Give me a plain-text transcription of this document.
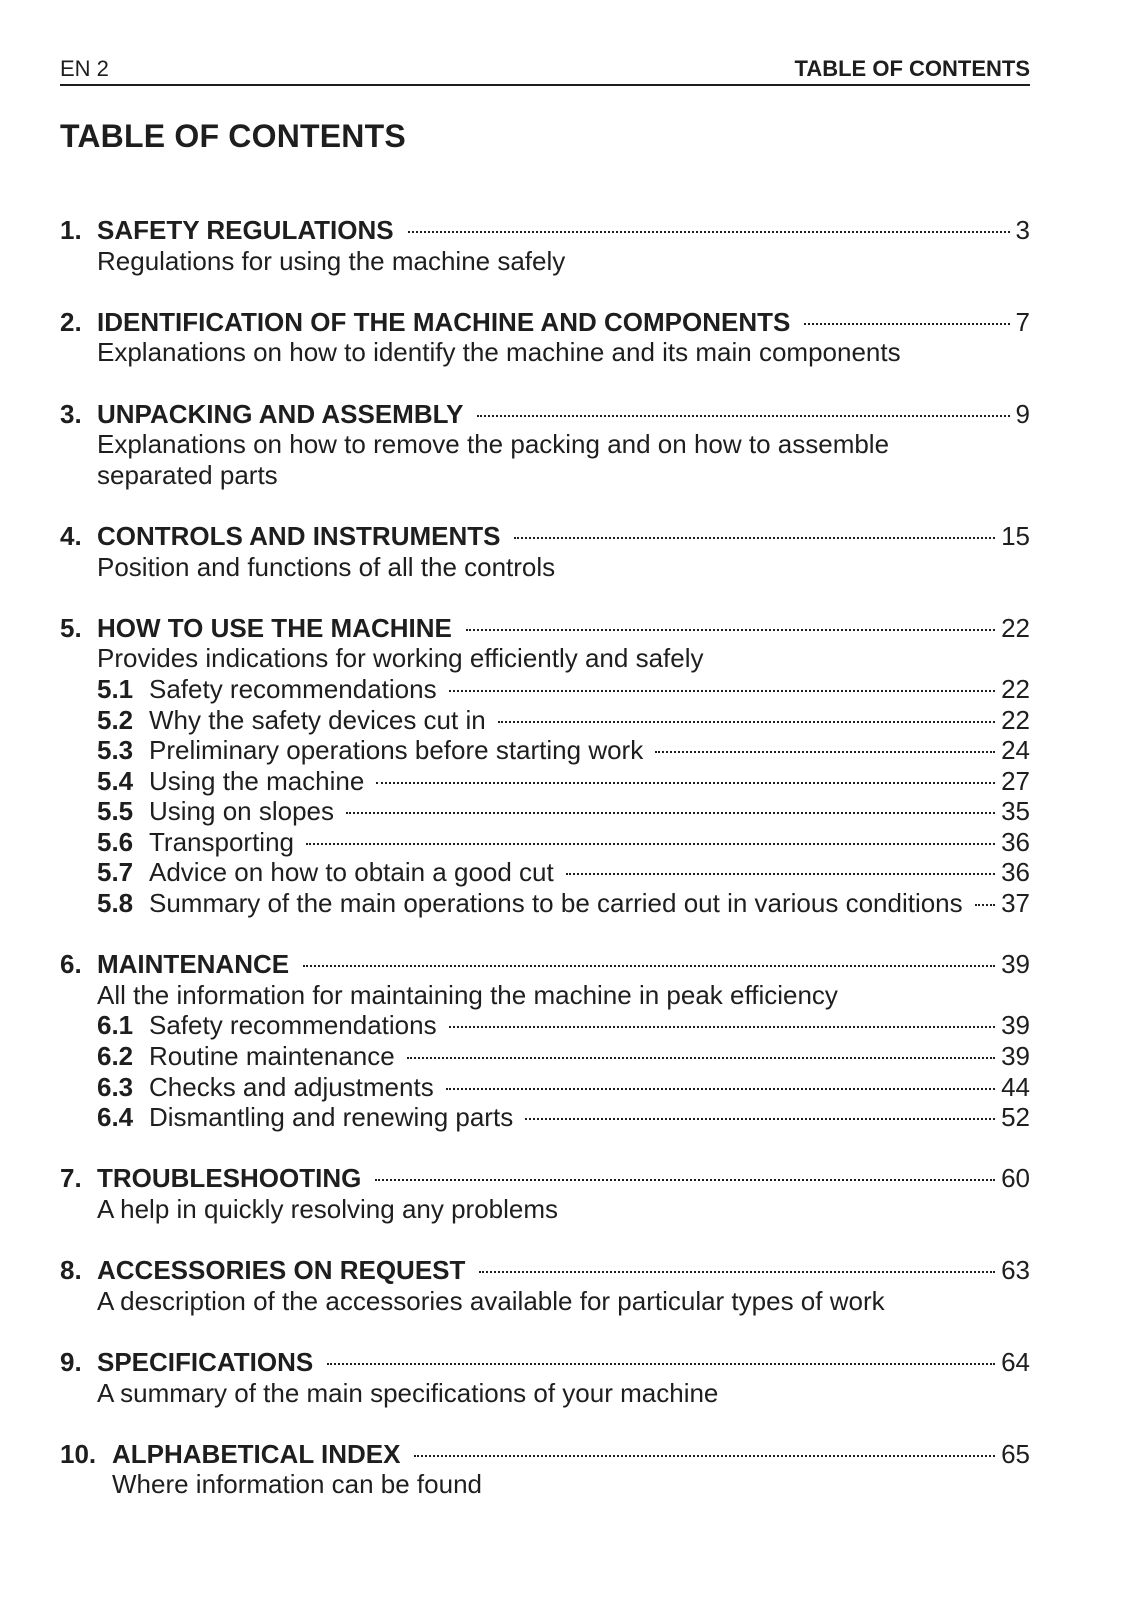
EN 2	TABLE OF CONTENTS
TABLE OF CONTENTS
1. SAFETY REGULATIONS	3
Regulations for using the machine safely
2. IDENTIFICATION OF THE MACHINE AND COMPONENTS	7
Explanations on how to identify the machine and its main components
3. UNPACKING AND ASSEMBLY	9
Explanations on how to remove the packing and on how to assemble
separated parts
4. CONTROLS AND INSTRUMENTS	15
Position and functions of all the controls
5. HOW TO USE THE MACHINE	22
Provides indications for working efficiently and safely
5.1 Safety recommendations	22
5.2 Why the safety devices cut in	22
5.3 Preliminary operations before starting work	24
5.4 Using the machine	27
5.5 Using on slopes	35
5.6 Transporting	36
5.7 Advice on how to obtain a good cut	36
5.8 Summary of the main operations to be carried out in various conditions 37
6. MAINTENANCE	39
All the information for maintaining the machine in peak efficiency
6.1 Safety recommendations	39
6.2 Routine maintenance	39
6.3 Checks and adjustments	44
6.4 Dismantling and renewing parts	52
7. TROUBLESHOOTING	60
A help in quickly resolving any problems
8. ACCESSORIES ON REQUEST	63
A description of the accessories available for particular types of work
9. SPECIFICATIONS	64
A summary of the main specifications of your machine
10. ALPHABETICAL INDEX	65
Where information can be found
